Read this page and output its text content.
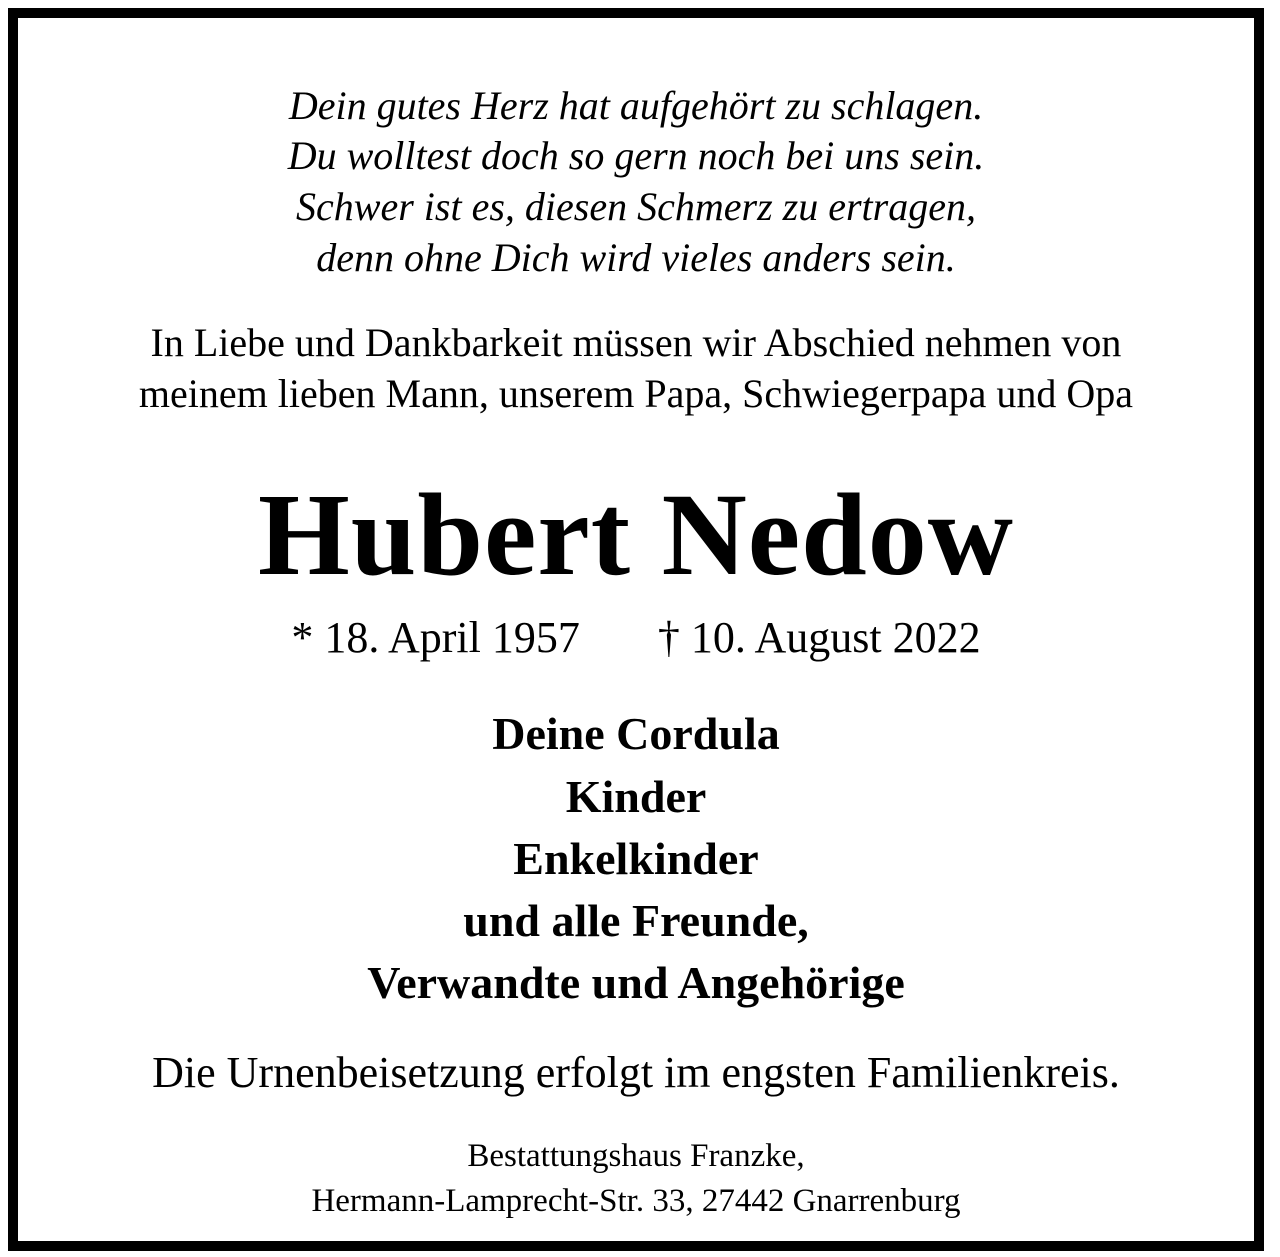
Dein gutes Herz hat aufgehört zu schlagen.
Du wolltest doch so gern noch bei uns sein.
Schwer ist es, diesen Schmerz zu ertragen,
denn ohne Dich wird vieles anders sein.
In Liebe und Dankbarkeit müssen wir Abschied nehmen von
meinem lieben Mann, unserem Papa, Schwiegerpapa und Opa
Hubert Nedow
* 18. April 1957 † 10. August 2022
Deine Cordula
Kinder
Enkelkinder
und alle Freunde,
Verwandte und Angehörige
Die Urnenbeisetzung erfolgt im engsten Familienkreis.
Bestattungshaus Franzke,
Hermann-Lamprecht-Str. 33, 27442 Gnarrenburg
